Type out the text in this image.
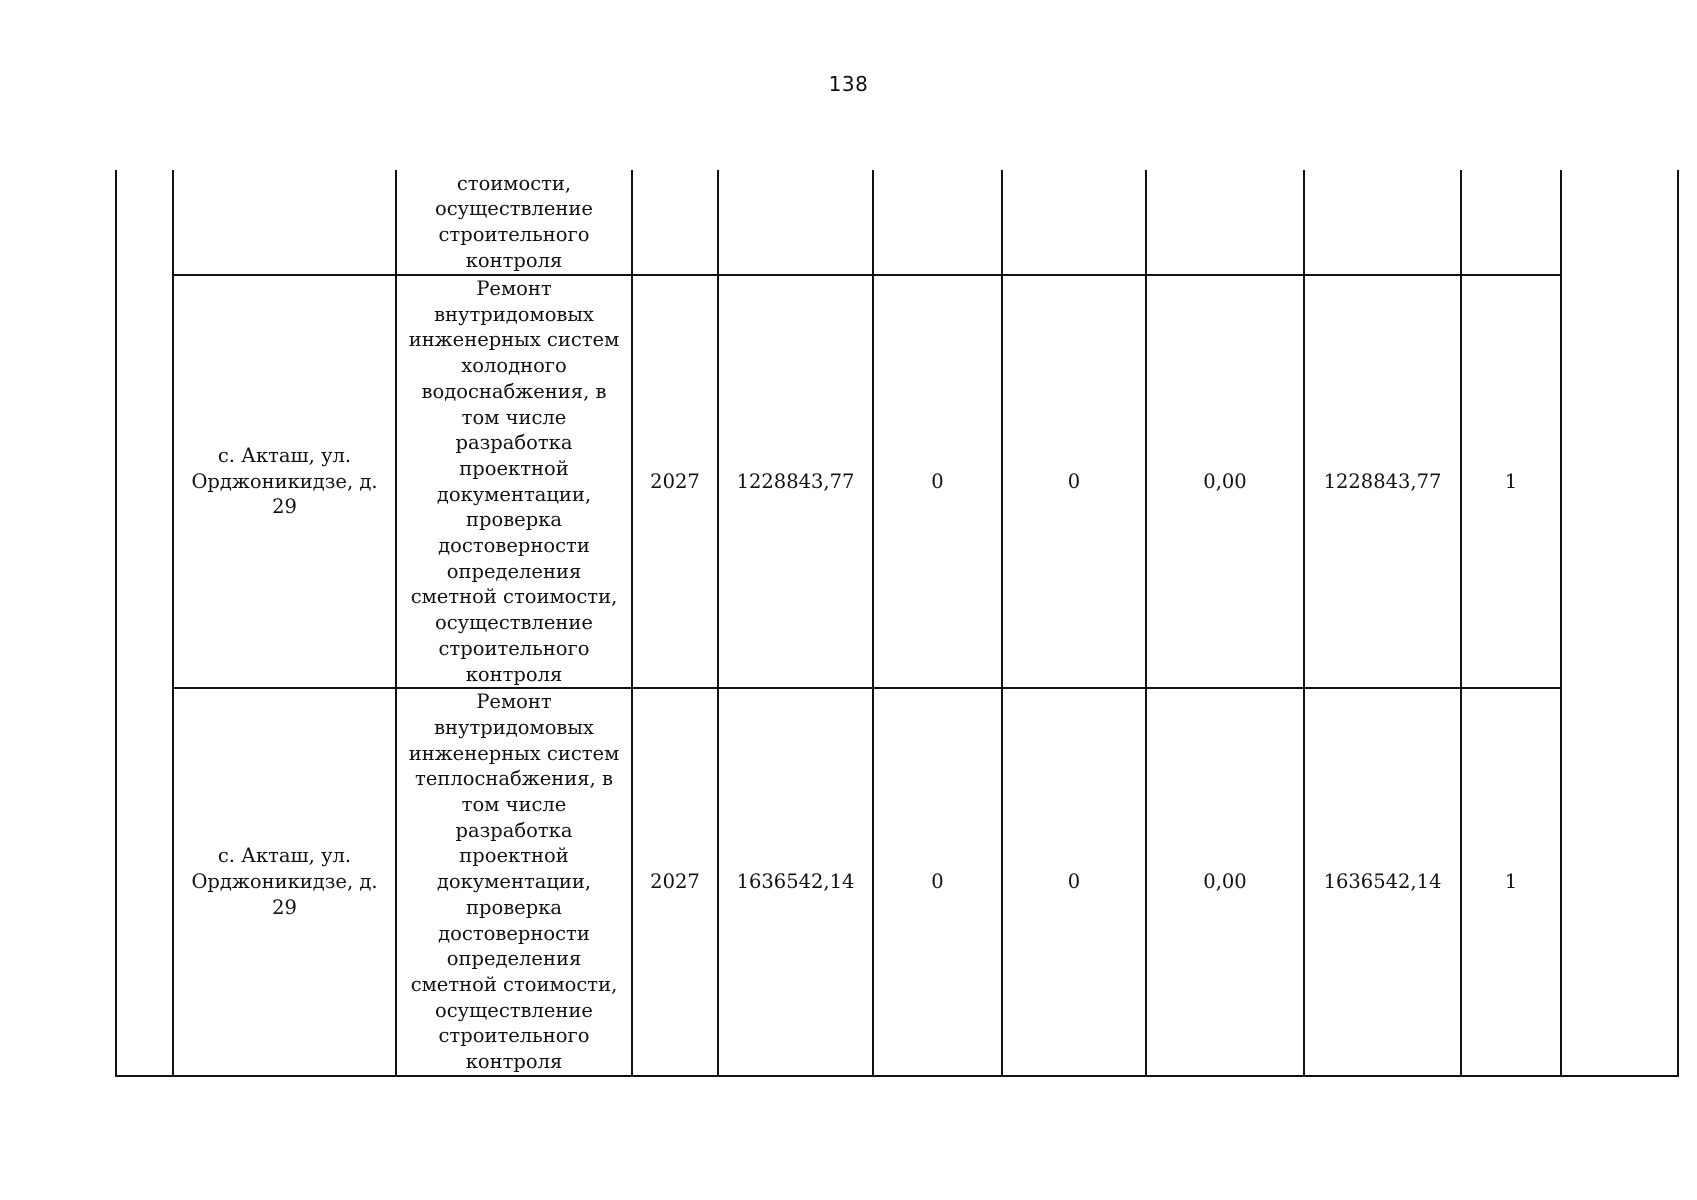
138
		стоимости, осуществление строительного контроля								
	с. Акташ, ул. Орджоникидзе, д. 29	Ремонт внутридомовых инженерных систем холодного водоснабжения, в том числе разработка проектной документации, проверка достоверности определения сметной стоимости, осуществление строительного контроля	2027	1228843,77	0	0	0,00	1228843,77	1	
	с. Акташ, ул. Орджоникидзе, д. 29	Ремонт внутридомовых инженерных систем теплоснабжения, в том числе разработка проектной документации, проверка достоверности определения сметной стоимости, осуществление строительного контроля	2027	1636542,14	0	0	0,00	1636542,14	1	
